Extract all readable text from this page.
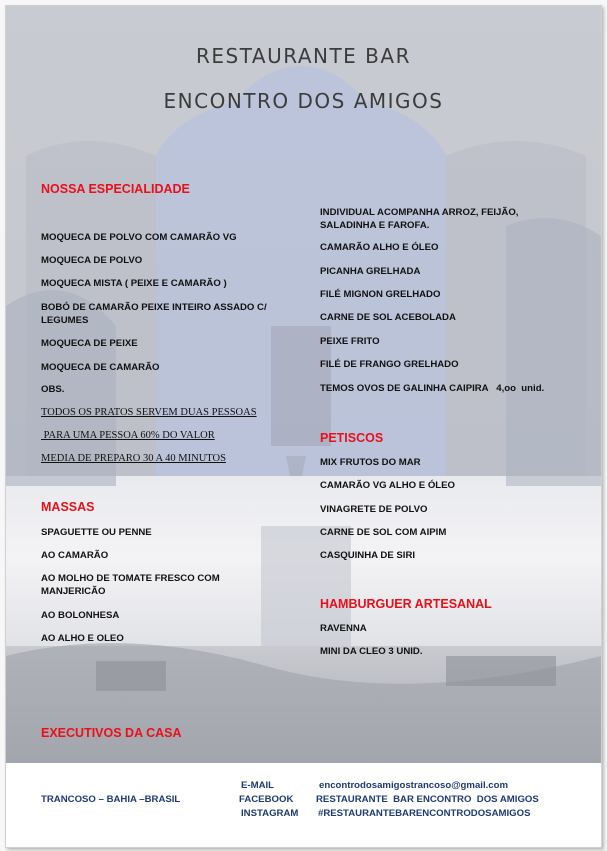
RESTAURANTE BAR
ENCONTRO DOS AMIGOS

NOSSA ESPECIALIDADE

MOQUECA DE POLVO COM CAMARÃO VG

MOQUECA DE POLVO

MOQUECA MISTA ( PEIXE E CAMARÃO )

BOBÓ DE CAMARÃO PEIXE INTEIRO ASSADO C/ LEGUMES

MOQUECA DE PEIXE

MOQUECA DE CAMARÃO

OBS.

TODOS OS PRATOS SERVEM DUAS PESSOAS

PARA UMA PESSOA 60% DO VALOR

MEDIA DE PREPARO 30 A 40 MINUTOS

MASSAS

SPAGUETTE OU PENNE

AO CAMARÃO

AO MOLHO DE TOMATE FRESCO COM MANJERICÃO

AO BOLONHESA

AO ALHO E OLEO

EXECUTIVOS DA CASA

INDIVIDUAL ACOMPANHA ARROZ, FEIJÃO, SALADINHA E FAROFA.

CAMARÃO ALHO E ÓLEO

PICANHA GRELHADA

FILÉ MIGNON GRELHADO

CARNE DE SOL ACEBOLADA

PEIXE FRITO

FILÉ DE FRANGO GRELHADO

TEMOS OVOS DE GALINHA CAIPIRA   4,oo  unid.

PETISCOS

MIX FRUTOS DO MAR

CAMARÃO VG ALHO E ÓLEO

VINAGRETE DE POLVO

CARNE DE SOL COM AIPIM

CASQUINHA DE SIRI

HAMBURGUER ARTESANAL

RAVENNA

MINI DA CLEO 3 UNID.

TRANCOSO – BAHIA –BRASIL

E-MAIL	encontrodosamigostrancoso@gmail.com

FACEBOOK RESTAURANTE  BAR ENCONTRO  DOS AMIGOS

INSTAGRAM #RESTAURANTEBARENCONTRODOSAMIGOS
